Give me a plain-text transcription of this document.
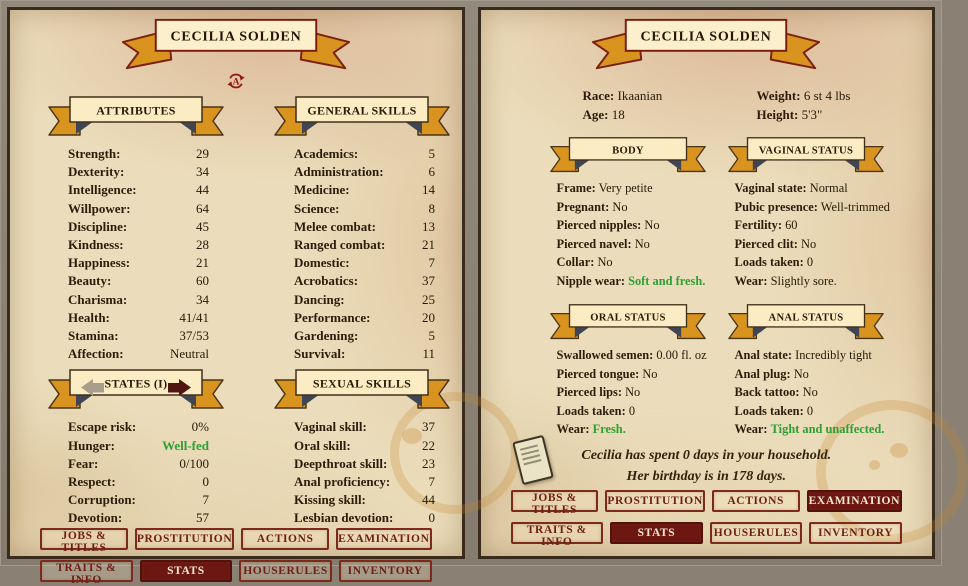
CECILIA SOLDEN
A
ATTRIBUTES
Strength:	29
Dexterity:	34
Intelligence:	44
Willpower:	64
Discipline:	45
Kindness:	28
Happiness:	21
Beauty:	60
Charisma:	34
Health:	41/41
Stamina:	37/53
Affection:	Neutral
STATES (I)
Escape risk:	0%
Hunger:	Well-fed
Fear:	0/100
Respect:	0
Corruption:	7
Devotion:	57
GENERAL SKILLS
Academics:	5
Administration:	6
Medicine:	14
Science:	8
Melee combat:	13
Ranged combat:	21
Domestic:	7
Acrobatics:	37
Dancing:	25
Performance:	20
Gardening:	5
Survival:	11
SEXUAL SKILLS
Vaginal skill:	37
Oral skill:	22
Deepthroat skill:	23
Anal proficiency:	7
Kissing skill:	44
Lesbian devotion:	0
JOBS & TITLES
PROSTITUTION	ACTIONS	EXAMINATION
TRAITS & INFO
STATS	HOUSERULES	INVENTORY
CECILIA SOLDEN
Race: Ikaanian
Age: 18
Weight: 6 st 4 lbs
Height: 5'3"
BODY
Frame: Very petite
Pregnant: No
Pierced nipples: No
Pierced navel: No
Collar: No
Nipple wear: Soft and fresh.
VAGINAL STATUS
Vaginal state: Normal
Pubic presence: Well-trimmed
Fertility: 60
Pierced clit: No
Loads taken: 0
Wear: Slightly sore.
ORAL STATUS
Swallowed semen: 0.00 fl. oz
Pierced tongue: No
Pierced lips: No
Loads taken: 0
Wear: Fresh.
ANAL STATUS
Anal state: Incredibly tight
Anal plug: No
Back tattoo: No
Loads taken: 0
Wear: Tight and unaffected.
Cecilia has spent 0 days in your household.
Her birthday is in 178 days.
JOBS & TITLES
PROSTITUTION	ACTIONS	EXAMINATION
TRAITS & INFO
STATS	HOUSERULES	INVENTORY
